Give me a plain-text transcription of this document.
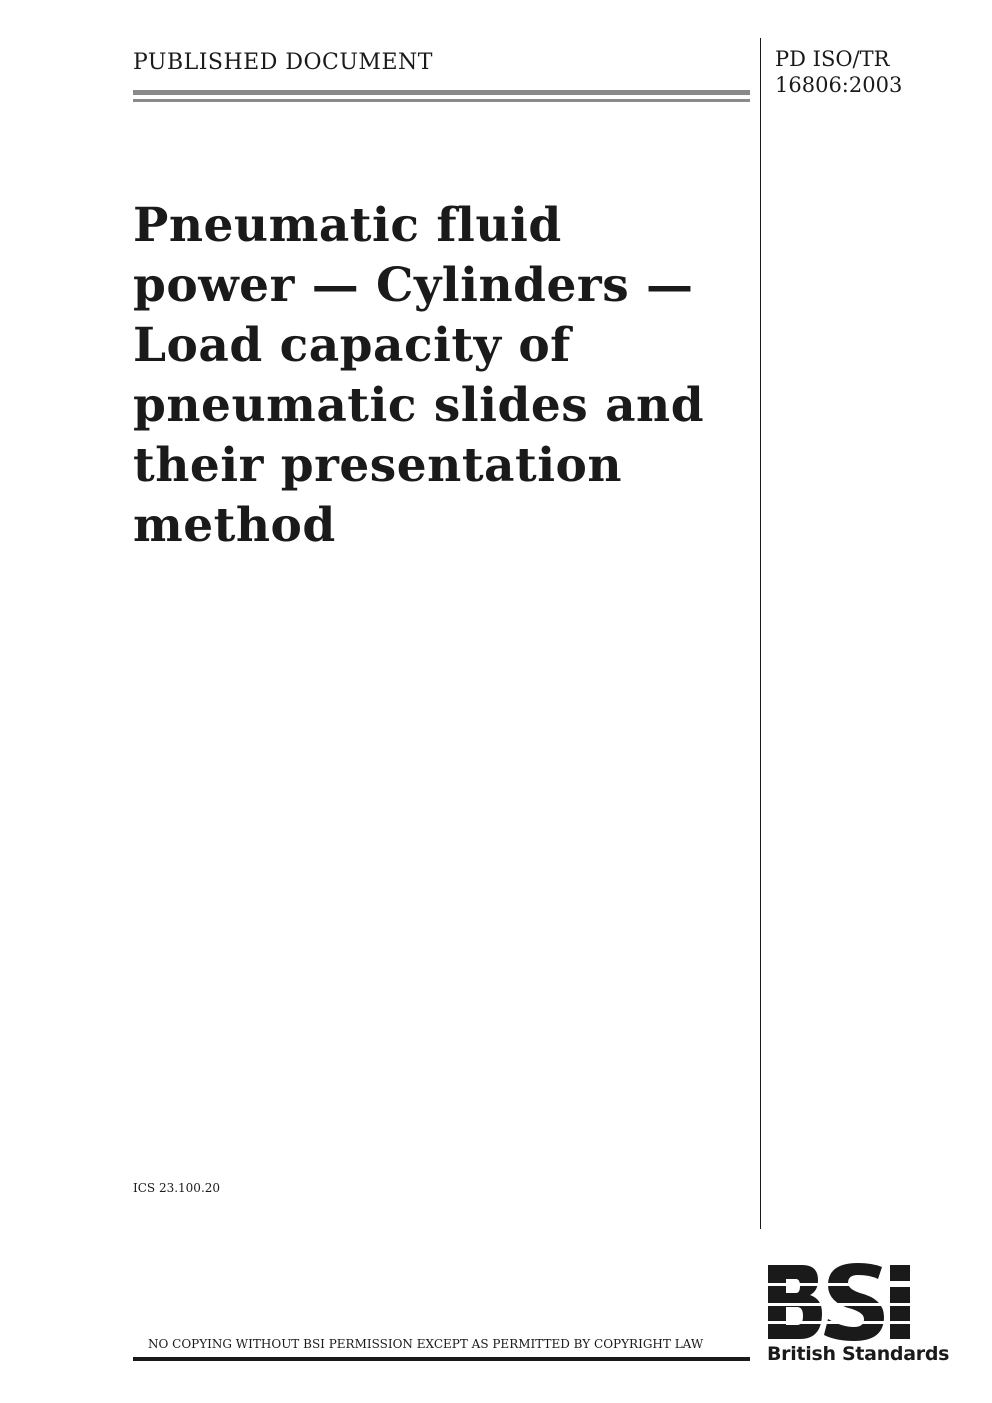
PUBLISHED DOCUMENT	PD ISO/TR
16806:2003
Pneumatic fluid
power — Cylinders —
Load capacity of
pneumatic slides and
their presentation
method
ICS 23.100.20
NO COPYING WITHOUT BSI PERMISSION EXCEPT AS PERMITTED BY COPYRIGHT LAW	British Standards
